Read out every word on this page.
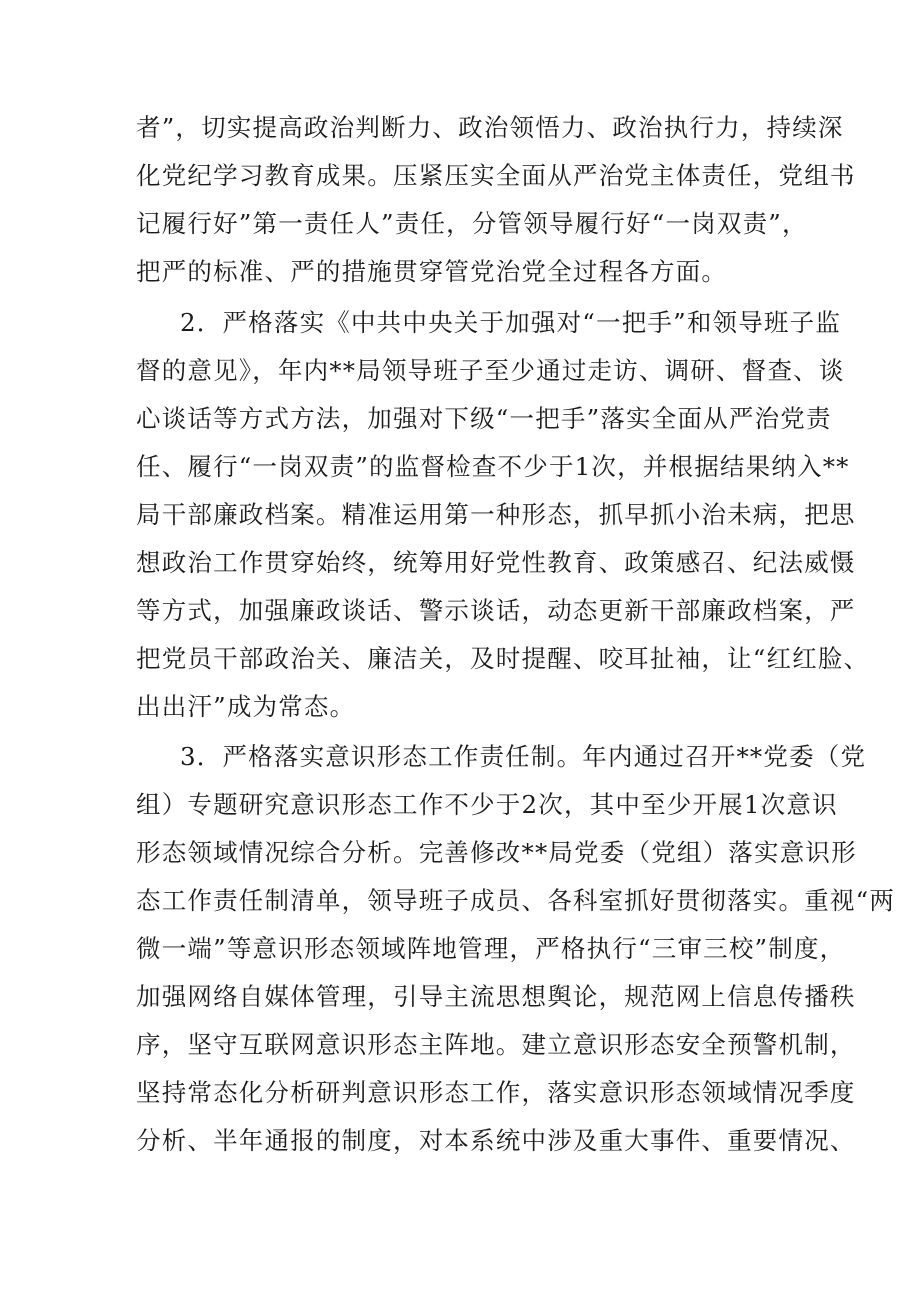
者”，切实提高政治判断力、政治领悟力、政治执行力，持续深
化党纪学习教育成果。压紧压实全面从严治党主体责任，党组书
记履行好”第一责任人”责任，分管领导履行好“一岗双责”，
把严的标准、严的措施贯穿管党治党全过程各方面。
2．严格落实《中共中央关于加强对“一把手”和领导班子监
督的意见》，年内**局领导班子至少通过走访、调研、督查、谈
心谈话等方式方法，加强对下级“一把手”落实全面从严治党责
任、履行“一岗双责”的监督检查不少于1次，并根据结果纳入**
局干部廉政档案。精准运用第一种形态，抓早抓小治未病，把思
想政治工作贯穿始终，统筹用好党性教育、政策感召、纪法威慑
等方式，加强廉政谈话、警示谈话，动态更新干部廉政档案，严
把党员干部政治关、廉洁关，及时提醒、咬耳扯袖，让“红红脸、
出出汗”成为常态。
3．严格落实意识形态工作责任制。年内通过召开**党委（党
组）专题研究意识形态工作不少于2次，其中至少开展1次意识
形态领域情况综合分析。完善修改**局党委（党组）落实意识形
态工作责任制清单，领导班子成员、各科室抓好贯彻落实。重视“两
微一端”等意识形态领域阵地管理，严格执行“三审三校”制度，
加强网络自媒体管理，引导主流思想舆论，规范网上信息传播秩
序，坚守互联网意识形态主阵地。建立意识形态安全预警机制，
坚持常态化分析研判意识形态工作，落实意识形态领域情况季度
分析、半年通报的制度，对本系统中涉及重大事件、重要情况、
